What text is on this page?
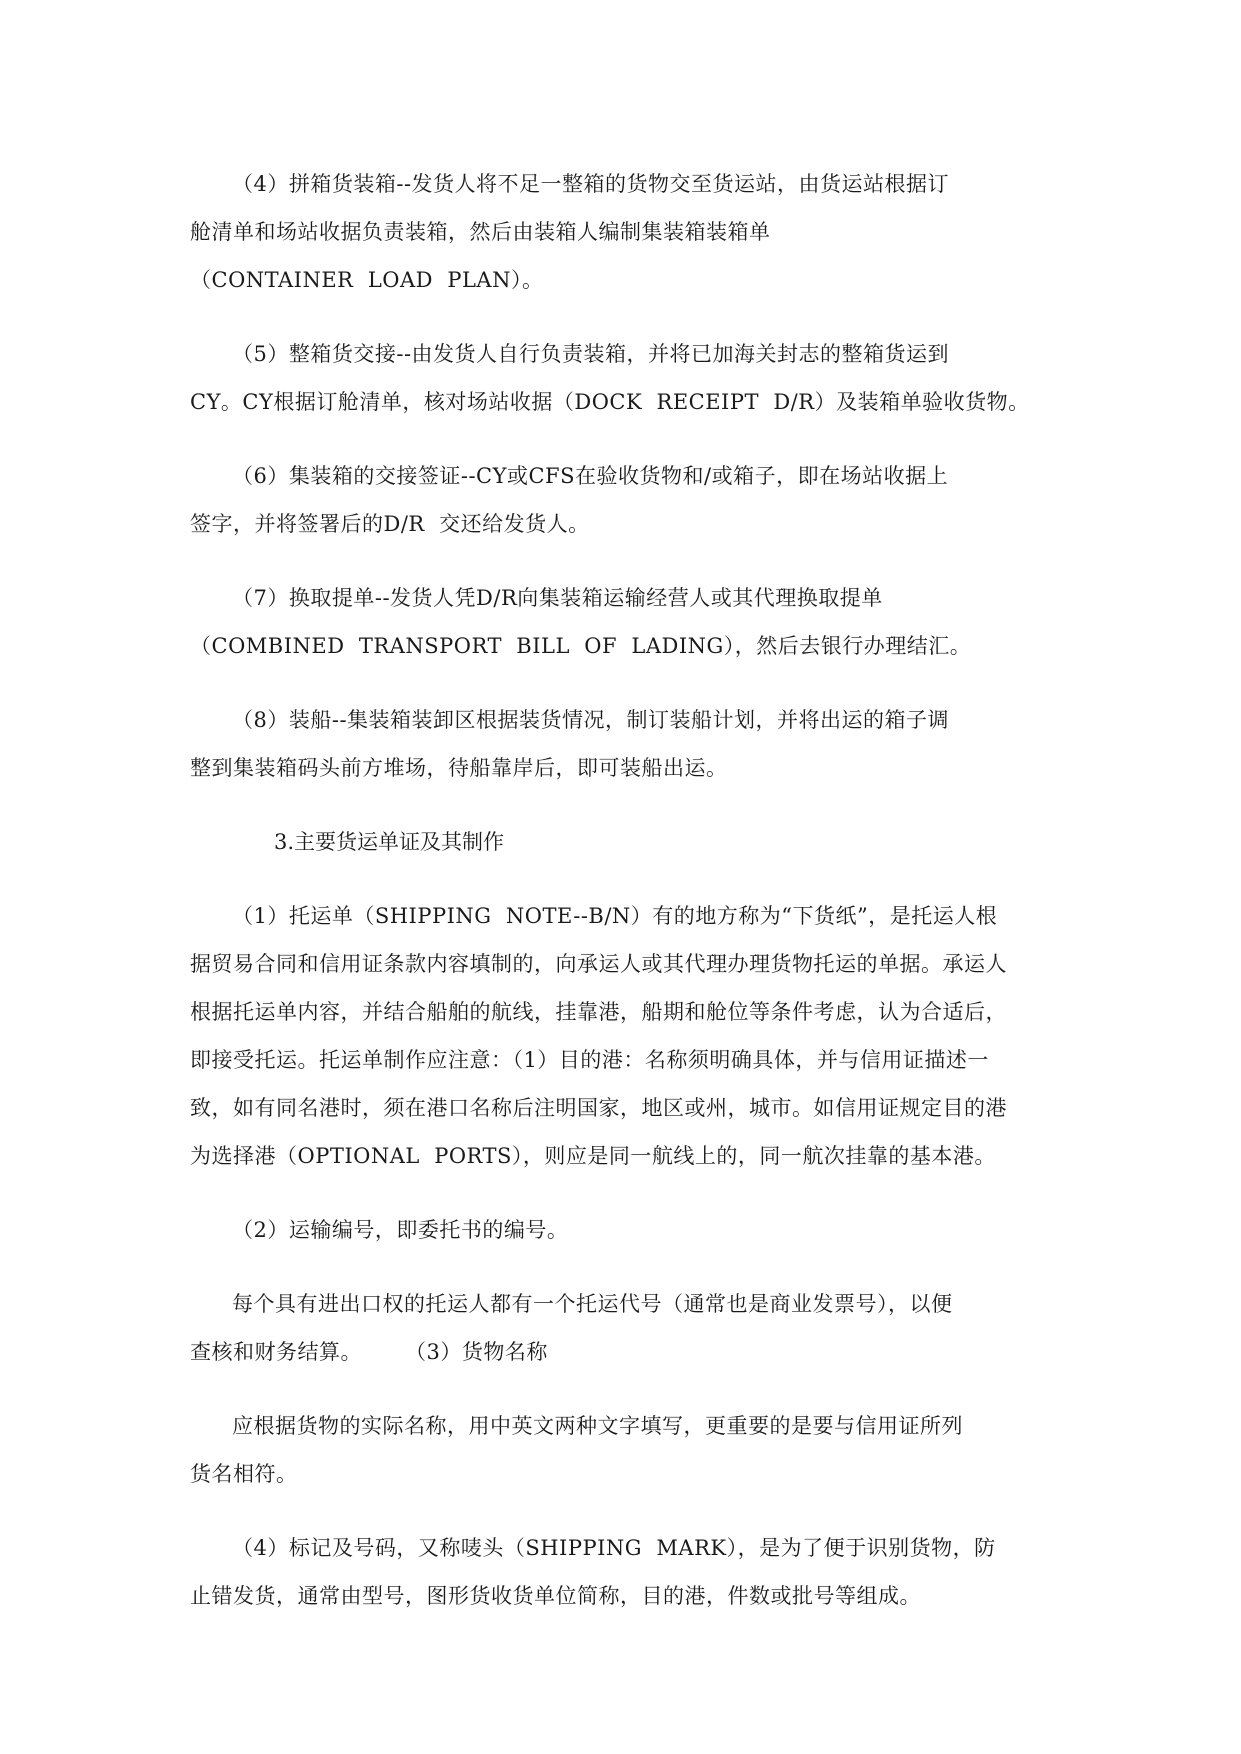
（4）拼箱货装箱--发货人将不足一整箱的货物交至货运站，由货运站根据订
舱清单和场站收据负责装箱，然后由装箱人编制集装箱装箱单
（CONTAINER  LOAD  PLAN）。
（5）整箱货交接--由发货人自行负责装箱，并将已加海关封志的整箱货运到
CY。CY根据订舱清单，核对场站收据（DOCK  RECEIPT  D/R）及装箱单验收货物。
（6）集装箱的交接签证--CY或CFS在验收货物和/或箱子，即在场站收据上
签字，并将签署后的D/R  交还给发货人。
（7）换取提单--发货人凭D/R向集装箱运输经营人或其代理换取提单
（COMBINED  TRANSPORT  BILL  OF  LADING），然后去银行办理结汇。
（8）装船--集装箱装卸区根据装货情况，制订装船计划，并将出运的箱子调
整到集装箱码头前方堆场，待船靠岸后，即可装船出运。
3.主要货运单证及其制作
（1）托运单（SHIPPING  NOTE--B/N）有的地方称为“下货纸”，是托运人根
据贸易合同和信用证条款内容填制的，向承运人或其代理办理货物托运的单据。承运人
根据托运单内容，并结合船舶的航线，挂靠港，船期和舱位等条件考虑，认为合适后，
即接受托运。托运单制作应注意：（1）目的港：名称须明确具体，并与信用证描述一
致，如有同名港时，须在港口名称后注明国家，地区或州，城市。如信用证规定目的港
为选择港（OPTIONAL  PORTS），则应是同一航线上的，同一航次挂靠的基本港。
（2）运输编号，即委托书的编号。
每个具有进出口权的托运人都有一个托运代号（通常也是商业发票号），以便
查核和财务结算。      （3）货物名称
应根据货物的实际名称，用中英文两种文字填写，更重要的是要与信用证所列
货名相符。
（4）标记及号码，又称唛头（SHIPPING  MARK），是为了便于识别货物，防
止错发货，通常由型号，图形货收货单位简称，目的港，件数或批号等组成。
